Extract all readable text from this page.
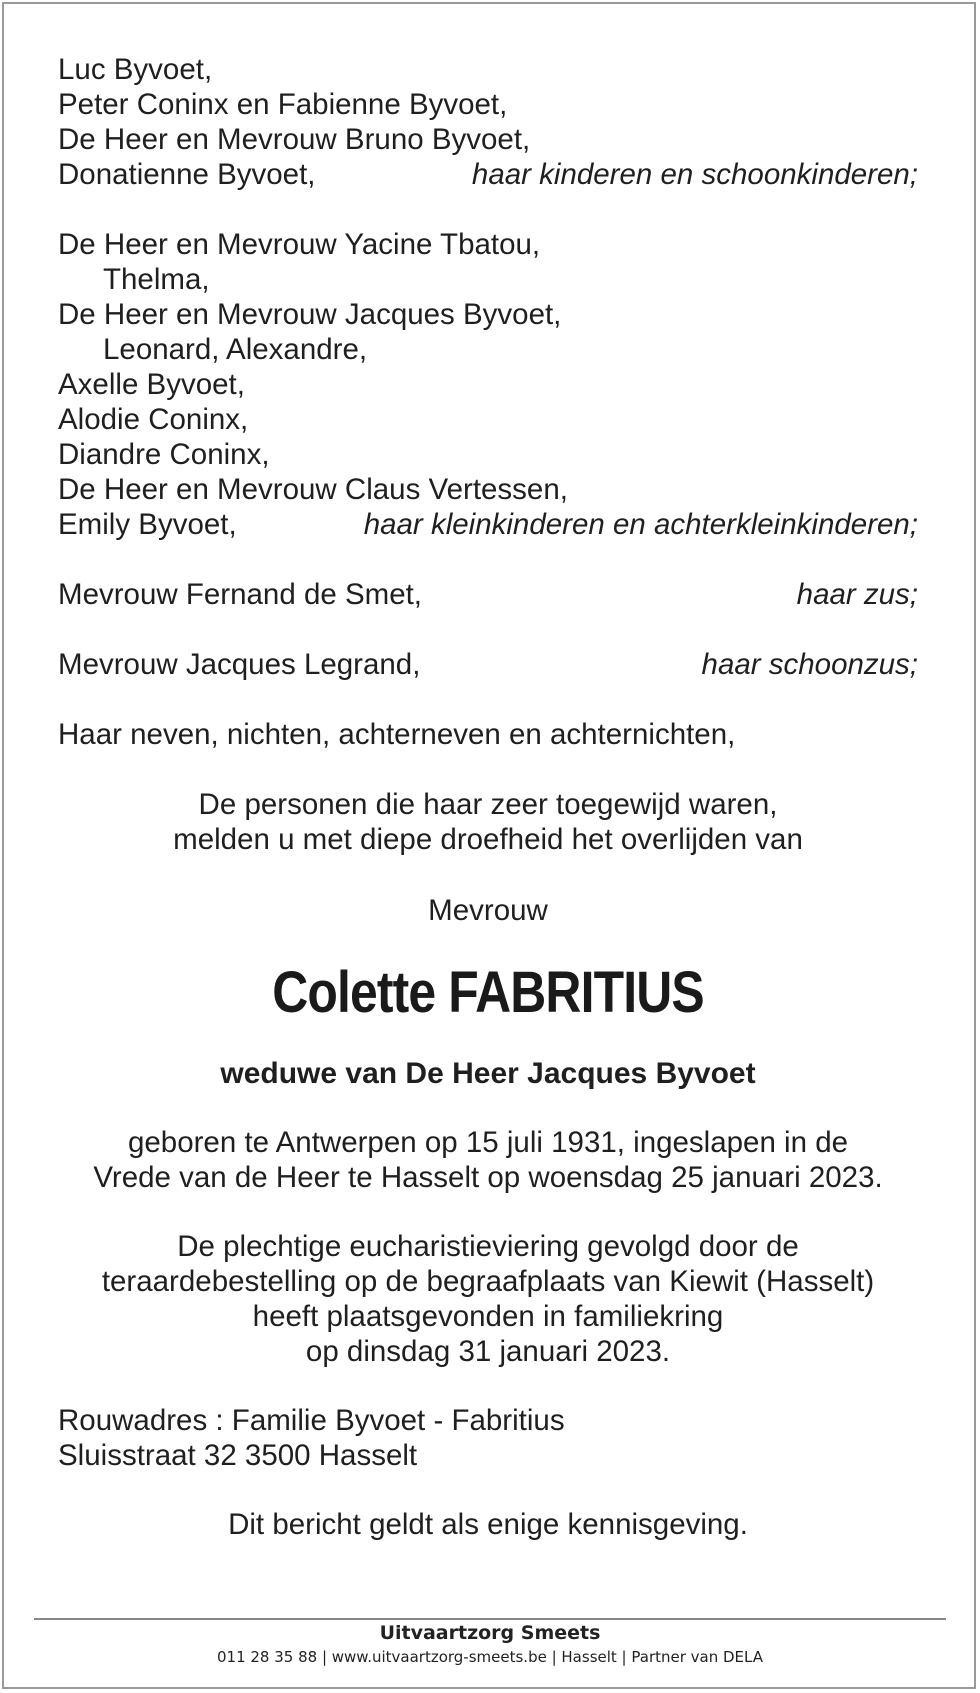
Luc Byvoet,
Peter Coninx en Fabienne Byvoet,
De Heer en Mevrouw Bruno Byvoet,
Donatienne Byvoet,	haar kinderen en schoonkinderen;
De Heer en Mevrouw Yacine Tbatou,
Thelma,
De Heer en Mevrouw Jacques Byvoet,
Leonard, Alexandre,
Axelle Byvoet,
Alodie Coninx,
Diandre Coninx,
De Heer en Mevrouw Claus Vertessen,
Emily Byvoet,	haar kleinkinderen en achterkleinkinderen;
Mevrouw Fernand de Smet,	haar zus;
Mevrouw Jacques Legrand,	haar schoonzus;
Haar neven, nichten, achterneven en achternichten,
De personen die haar zeer toegewijd waren,
melden u met diepe droefheid het overlijden van
Mevrouw
Colette FABRITIUS
weduwe van De Heer Jacques Byvoet
geboren te Antwerpen op 15 juli 1931, ingeslapen in de
Vrede van de Heer te Hasselt op woensdag 25 januari 2023.
De plechtige eucharistieviering gevolgd door de
teraardebestelling op de begraafplaats van Kiewit (Hasselt)
heeft plaatsgevonden in familiekring
op dinsdag 31 januari 2023.
Rouwadres : Familie Byvoet - Fabritius
Sluisstraat 32 3500 Hasselt
Dit bericht geldt als enige kennisgeving.
Uitvaartzorg Smeets
011 28 35 88 | www.uitvaartzorg-smeets.be | Hasselt | Partner van DELA
